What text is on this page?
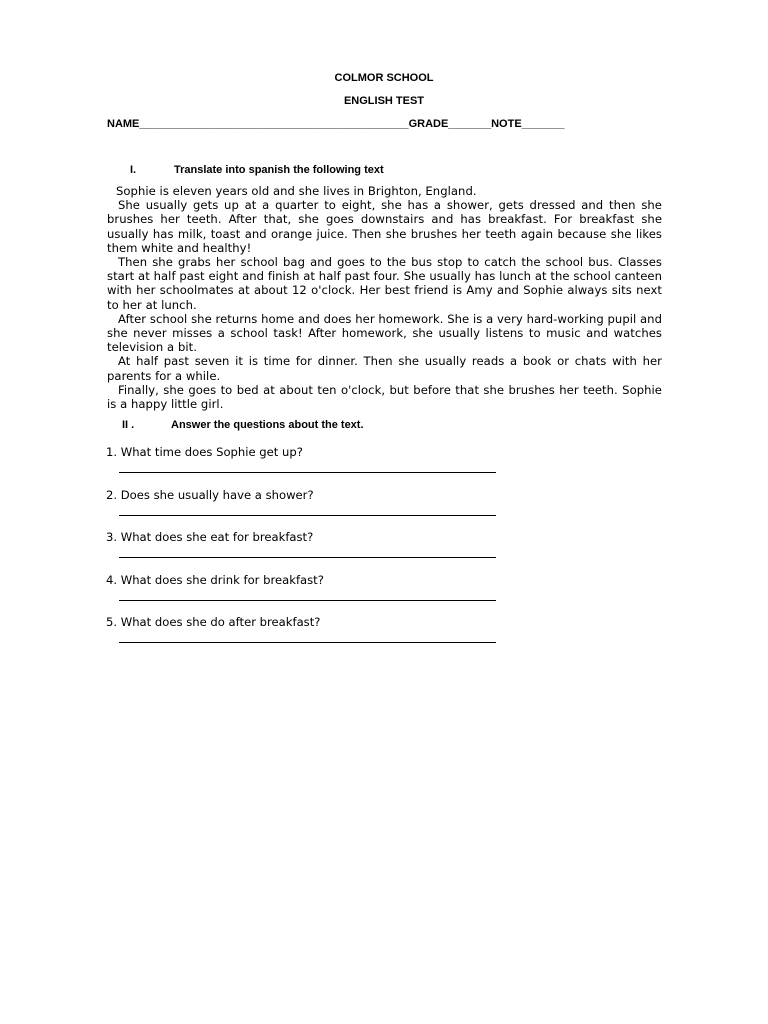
COLMOR SCHOOL
ENGLISH TEST
NAME____________________________________________GRADE_______NOTE_______
I.	Translate into spanish the following text

Sophie is eleven years old and she lives in Brighton, England.

She usually gets up at a quarter to eight, she has a shower, gets dressed and then she brushes her teeth. After that, she goes downstairs and has breakfast. For breakfast she usually has milk, toast and orange juice. Then she brushes her teeth again because she likes them white and healthy!

Then she grabs her school bag and goes to the bus stop to catch the school bus. Classes start at half past eight and finish at half past four. She usually has lunch at the school canteen with her schoolmates at about 12 o'clock. Her best friend is Amy and Sophie always sits next to her at lunch.

After school she returns home and does her homework. She is a very hard-working pupil and she never misses a school task! After homework, she usually listens to music and watches television a bit.

At half past seven it is time for dinner. Then she usually reads a book or chats with her parents for a while.

Finally, she goes to bed at about ten o'clock, but before that she brushes her teeth. Sophie is a happy little girl.

II .	Answer the questions about the text.
1. What time does Sophie get up?
2. Does she usually have a shower?
3. What does she eat for breakfast?
4. What does she drink for breakfast?
5. What does she do after breakfast?
